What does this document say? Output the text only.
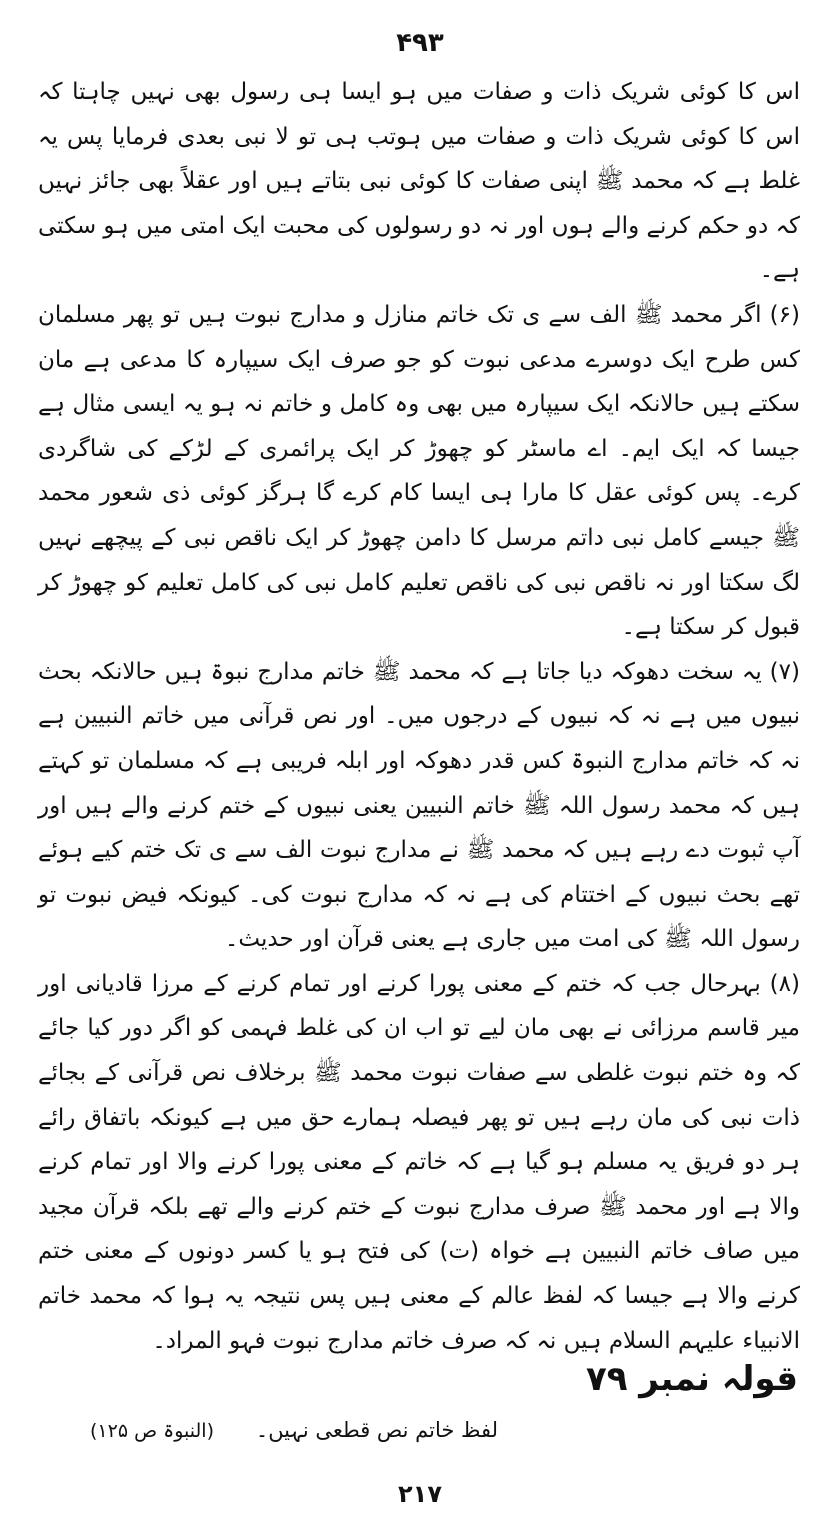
۴۹۳

اس کا کوئی شریک ذات و صفات میں ہو ایسا ہی رسول بھی نہیں چاہتا کہ اس کا کوئی شریک ذات و صفات میں ہوتب ہی تو لا نبی بعدی فرمایا پس یہ غلط ہے کہ محمد ﷺ اپنی صفات کا کوئی نبی بتاتے ہیں اور عقلاً بھی جائز نہیں کہ دو حکم کرنے والے ہوں اور نہ دو رسولوں کی محبت ایک امتی میں ہو سکتی ہے۔

(۶) اگر محمد ﷺ الف سے ی تک خاتم منازل و مدارج نبوت ہیں تو پھر مسلمان کس طرح ایک دوسرے مدعی نبوت کو جو صرف ایک سیپارہ کا مدعی ہے مان سکتے ہیں حالانکہ ایک سیپارہ میں بھی وہ کامل و خاتم نہ ہو یہ ایسی مثال ہے جیسا کہ ایک ایم۔ اے ماسٹر کو چھوڑ کر ایک پرائمری کے لڑکے کی شاگردی کرے۔ پس کوئی عقل کا مارا ہی ایسا کام کرے گا ہرگز کوئی ذی شعور محمد ﷺ جیسے کامل نبی داتم مرسل کا دامن چھوڑ کر ایک ناقص نبی کے پیچھے نہیں لگ سکتا اور نہ ناقص نبی کی ناقص تعلیم کامل نبی کی کامل تعلیم کو چھوڑ کر قبول کر سکتا ہے۔

(۷) یہ سخت دھوکہ دیا جاتا ہے کہ محمد ﷺ خاتم مدارج نبوۃ ہیں حالانکہ بحث نبیوں میں ہے نہ کہ نبیوں کے درجوں میں۔ اور نص قرآنی میں خاتم النبیین ہے نہ کہ خاتم مدارج النبوۃ کس قدر دھوکہ اور ابلہ فریبی ہے کہ مسلمان تو کہتے ہیں کہ محمد رسول اللہ ﷺ خاتم النبیین یعنی نبیوں کے ختم کرنے والے ہیں اور آپ ثبوت دے رہے ہیں کہ محمد ﷺ نے مدارج نبوت الف سے ی تک ختم کیے ہوئے تھے بحث نبیوں کے اختتام کی ہے نہ کہ مدارج نبوت کی۔ کیونکہ فیض نبوت تو رسول اللہ ﷺ کی امت میں جاری ہے یعنی قرآن اور حدیث۔

(۸) بہرحال جب کہ ختم کے معنی پورا کرنے اور تمام کرنے کے مرزا قادیانی اور میر قاسم مرزائی نے بھی مان لیے تو اب ان کی غلط فہمی کو اگر دور کیا جائے کہ وہ ختم نبوت غلطی سے صفات نبوت محمد ﷺ برخلاف نص قرآنی کے بجائے ذات نبی کی مان رہے ہیں تو پھر فیصلہ ہمارے حق میں ہے کیونکہ باتفاق رائے ہر دو فریق یہ مسلم ہو گیا ہے کہ خاتم کے معنی پورا کرنے والا اور تمام کرنے والا ہے اور محمد ﷺ صرف مدارج نبوت کے ختم کرنے والے تھے بلکہ قرآن مجید میں صاف خاتم النبیین ہے خواہ (ت) کی فتح ہو یا کسر دونوں کے معنی ختم کرنے والا ہے جیسا کہ لفظ عالم کے معنی ہیں پس نتیجہ یہ ہوا کہ محمد خاتم الانبیاء علیہم السلام ہیں نہ کہ صرف خاتم مدارج نبوت فہو المراد۔

قولہ نمبر ۷۹
لفظ خاتم نص قطعی نہیں۔
(النبوۃ ص ۱۲۵)
۲۱۷
